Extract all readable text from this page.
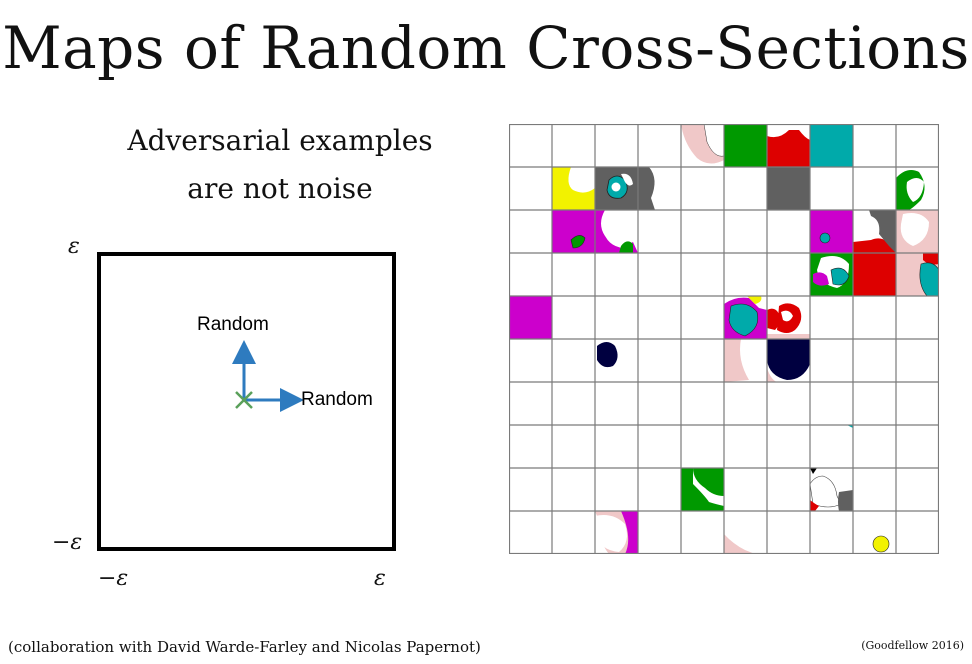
Maps of Random Cross-Sections
Adversarial examples
are not noise
ε
−ε
−ε	ε
Random
Random
(collaboration with David Warde-Farley and Nicolas Papernot)	(Goodfellow 2016)
